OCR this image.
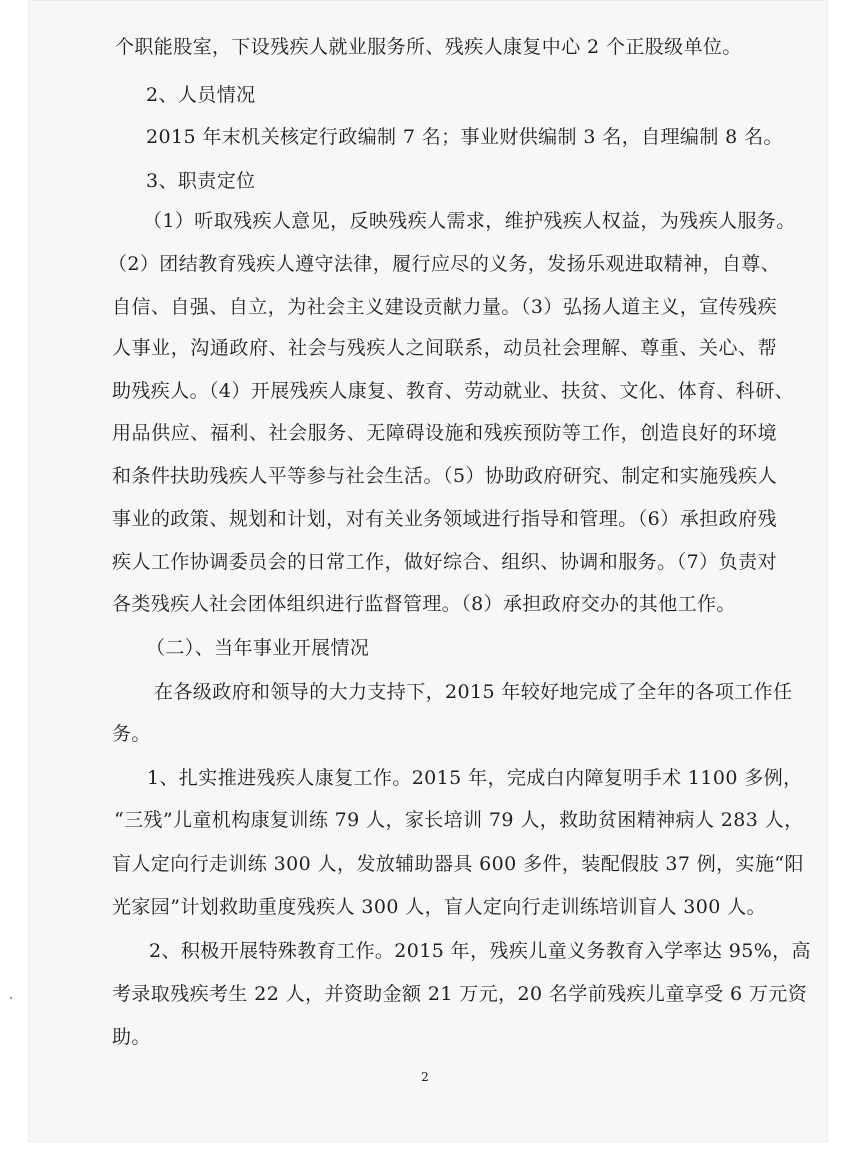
个职能股室，下设残疾人就业服务所、残疾人康复中心 2 个正股级单位。
2、人员情况
2015 年末机关核定行政编制 7 名；事业财供编制 3 名，自理编制 8 名。
3、职责定位
（1）听取残疾人意见，反映残疾人需求，维护残疾人权益，为残疾人服务。
（2）团结教育残疾人遵守法律，履行应尽的义务，发扬乐观进取精神，自尊、
自信、自强、自立，为社会主义建设贡献力量。（3）弘扬人道主义，宣传残疾
人事业，沟通政府、社会与残疾人之间联系，动员社会理解、尊重、关心、帮
助残疾人。（4）开展残疾人康复、教育、劳动就业、扶贫、文化、体育、科研、
用品供应、福利、社会服务、无障碍设施和残疾预防等工作，创造良好的环境
和条件扶助残疾人平等参与社会生活。（5）协助政府研究、制定和实施残疾人
事业的政策、规划和计划，对有关业务领域进行指导和管理。（6）承担政府残
疾人工作协调委员会的日常工作，做好综合、组织、协调和服务。（7）负责对
各类残疾人社会团体组织进行监督管理。（8）承担政府交办的其他工作。
（二）、当年事业开展情况
在各级政府和领导的大力支持下，2015 年较好地完成了全年的各项工作任
务。
1、扎实推进残疾人康复工作。2015 年，完成白内障复明手术 1100 多例，
“三残”儿童机构康复训练 79 人，家长培训 79 人，救助贫困精神病人 283 人，
盲人定向行走训练 300 人，发放辅助器具 600 多件，装配假肢 37 例，实施“阳
光家园”计划救助重度残疾人 300 人，盲人定向行走训练培训盲人 300 人。
2、积极开展特殊教育工作。2015 年，残疾儿童义务教育入学率达 95%，高
考录取残疾考生 22 人，并资助金额 21 万元，20 名学前残疾儿童享受 6 万元资
助。
2
